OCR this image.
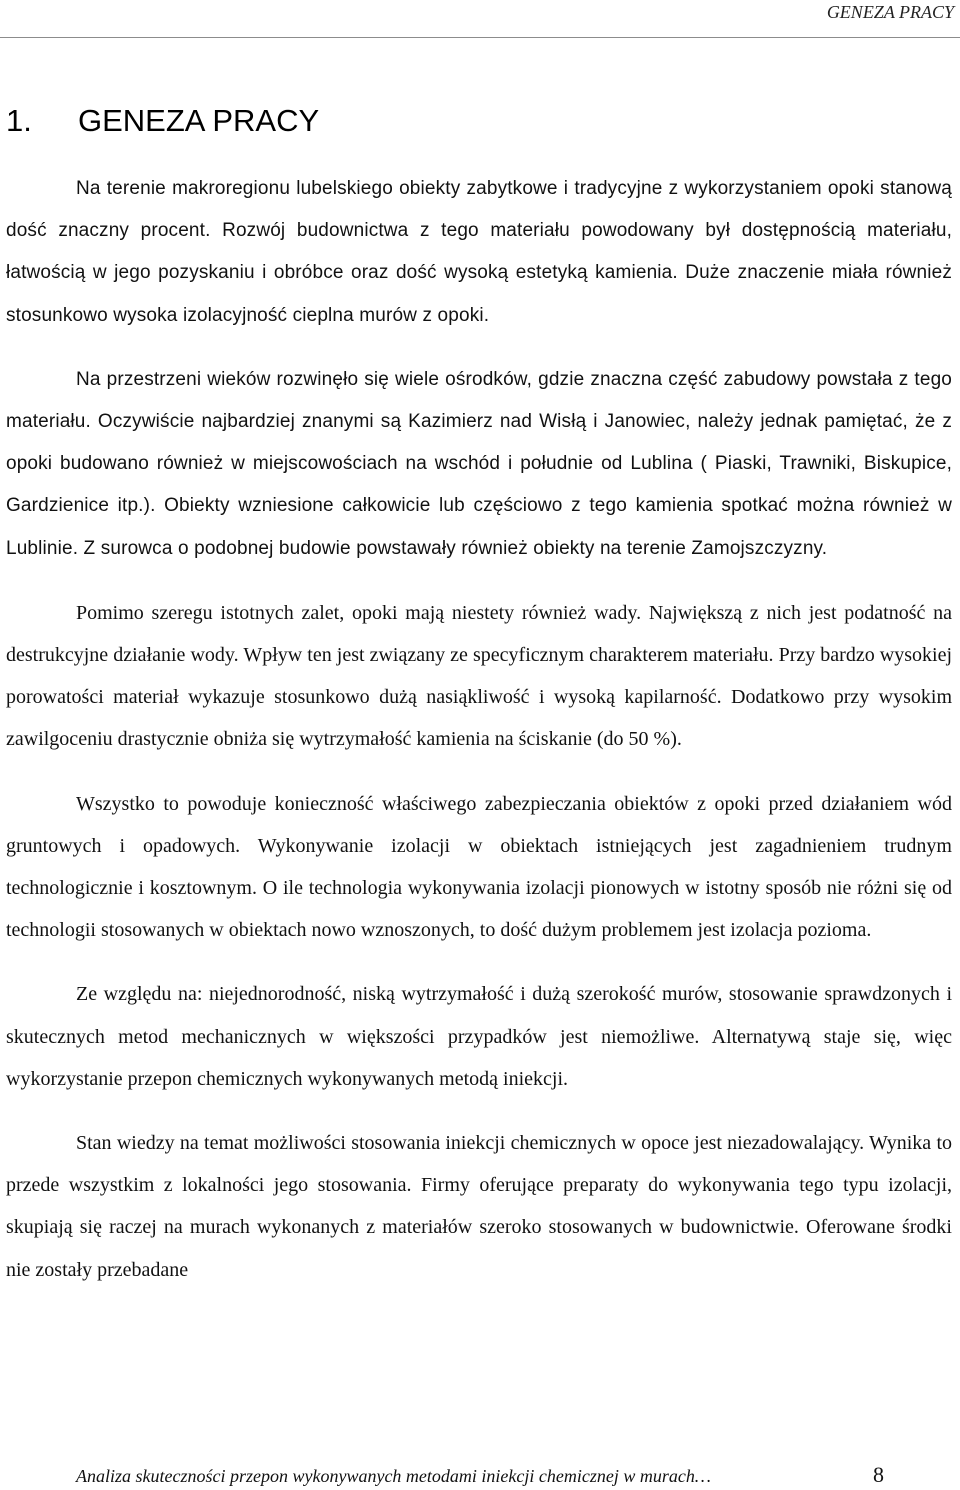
GENEZA PRACY
1. GENEZA PRACY

Na terenie makroregionu lubelskiego obiekty zabytkowe i tradycyjne z wykorzystaniem opoki stanową dość znaczny procent. Rozwój budownictwa z tego materiału powodowany był dostępnością materiału, łatwością w jego pozyskaniu i obróbce oraz dość wysoką estetyką kamienia. Duże znaczenie miała również stosunkowo wysoka izolacyjność cieplna murów z opoki.

Na przestrzeni wieków rozwinęło się wiele ośrodków, gdzie znaczna część zabudowy powstała z tego materiału. Oczywiście najbardziej znanymi są Kazimierz nad Wisłą i Janowiec, należy jednak pamiętać, że z opoki budowano również w miejscowościach na wschód i południe od Lublina ( Piaski, Trawniki, Biskupice, Gardzienice itp.). Obiekty wzniesione całkowicie lub częściowo z tego kamienia spotkać można również w Lublinie. Z surowca o podobnej budowie powstawały również obiekty na terenie Zamojszczyzny.

Pomimo szeregu istotnych zalet, opoki mają niestety również wady. Największą z nich jest podatność na destrukcyjne działanie wody. Wpływ ten jest związany ze specyficznym charakterem materiału. Przy bardzo wysokiej porowatości materiał wykazuje stosunkowo dużą nasiąkliwość i wysoką kapilarność. Dodatkowo przy wysokim zawilgoceniu drastycznie obniża się wytrzymałość kamienia na ściskanie (do 50 %).

Wszystko to powoduje konieczność właściwego zabezpieczania obiektów z opoki przed działaniem wód gruntowych i opadowych. Wykonywanie izolacji w obiektach istniejących jest zagadnieniem trudnym technologicznie i kosztownym. O ile technologia wykonywania izolacji pionowych w istotny sposób nie różni się od technologii stosowanych w obiektach nowo wznoszonych, to dość dużym problemem jest izolacja pozioma.

Ze względu na: niejednorodność, niską wytrzymałość i dużą szerokość murów, stosowanie sprawdzonych i skutecznych metod mechanicznych w większości przypadków jest niemożliwe. Alternatywą staje się, więc wykorzystanie przepon chemicznych wykonywanych metodą iniekcji.

Stan wiedzy na temat możliwości stosowania iniekcji chemicznych w opoce jest niezadowalający. Wynika to przede wszystkim z lokalności jego stosowania. Firmy oferujące preparaty do wykonywania tego typu izolacji, skupiają się raczej na murach wykonanych z materiałów szeroko stosowanych w budownictwie. Oferowane środki nie zostały przebadane

Analiza skuteczności przepon wykonywanych metodami iniekcji chemicznej w murach…	8
